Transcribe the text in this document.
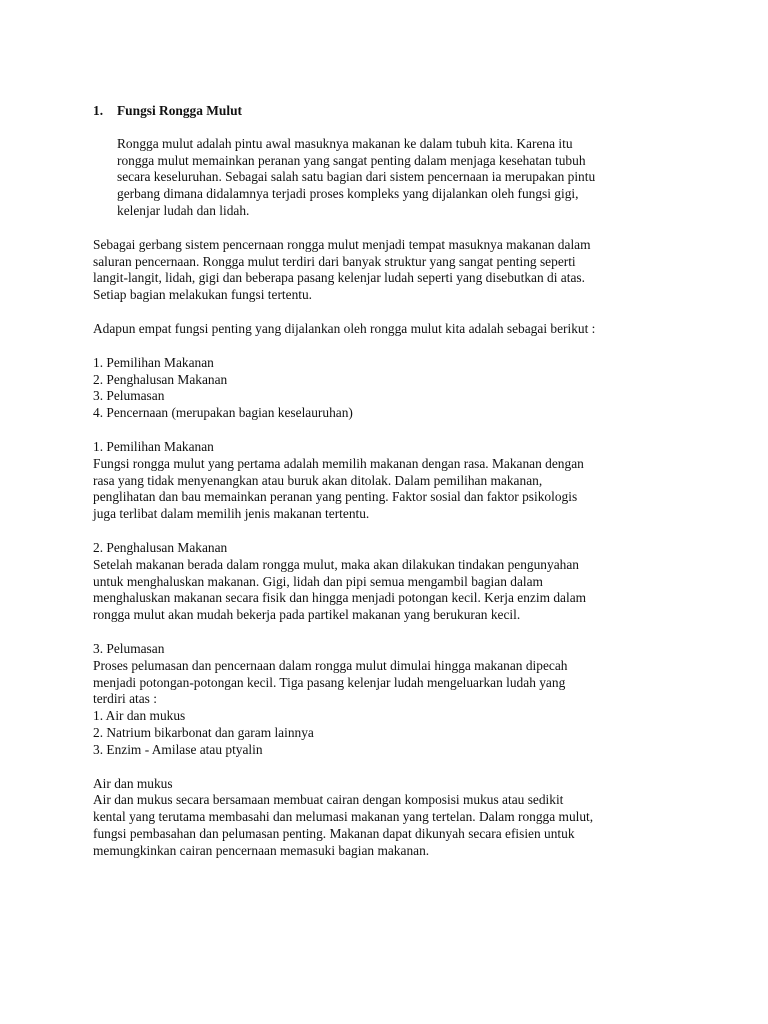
1. Fungsi Rongga Mulut

Rongga mulut adalah pintu awal masuknya makanan ke dalam tubuh kita. Karena itu
rongga mulut memainkan peranan yang sangat penting dalam menjaga kesehatan tubuh
secara keseluruhan. Sebagai salah satu bagian dari sistem pencernaan ia merupakan pintu
gerbang dimana didalamnya terjadi proses kompleks yang dijalankan oleh fungsi gigi,
kelenjar ludah dan lidah.

Sebagai gerbang sistem pencernaan rongga mulut menjadi tempat masuknya makanan dalam
saluran pencernaan. Rongga mulut terdiri dari banyak struktur yang sangat penting seperti
langit-langit, lidah, gigi dan beberapa pasang kelenjar ludah seperti yang disebutkan di atas.
Setiap bagian melakukan fungsi tertentu.

Adapun empat fungsi penting yang dijalankan oleh rongga mulut kita adalah sebagai berikut :

1. Pemilihan Makanan
2. Penghalusan Makanan
3. Pelumasan
4. Pencernaan (merupakan bagian keselauruhan)
1. Pemilihan Makanan
Fungsi rongga mulut yang pertama adalah memilih makanan dengan rasa. Makanan dengan
rasa yang tidak menyenangkan atau buruk akan ditolak. Dalam pemilihan makanan,
penglihatan dan bau memainkan peranan yang penting. Faktor sosial dan faktor psikologis
juga terlibat dalam memilih jenis makanan tertentu.
2. Penghalusan Makanan
Setelah makanan berada dalam rongga mulut, maka akan dilakukan tindakan pengunyahan
untuk menghaluskan makanan. Gigi, lidah dan pipi semua mengambil bagian dalam
menghaluskan makanan secara fisik dan hingga menjadi potongan kecil. Kerja enzim dalam
rongga mulut akan mudah bekerja pada partikel makanan yang berukuran kecil.
3. Pelumasan
Proses pelumasan dan pencernaan dalam rongga mulut dimulai hingga makanan dipecah
menjadi potongan-potongan kecil. Tiga pasang kelenjar ludah mengeluarkan ludah yang
terdiri atas :
1. Air dan mukus
2. Natrium bikarbonat dan garam lainnya
3. Enzim - Amilase atau ptyalin
Air dan mukus
Air dan mukus secara bersamaan membuat cairan dengan komposisi mukus atau sedikit
kental yang terutama membasahi dan melumasi makanan yang tertelan. Dalam rongga mulut,
fungsi pembasahan dan pelumasan penting. Makanan dapat dikunyah secara efisien untuk
memungkinkan cairan pencernaan memasuki bagian makanan.
